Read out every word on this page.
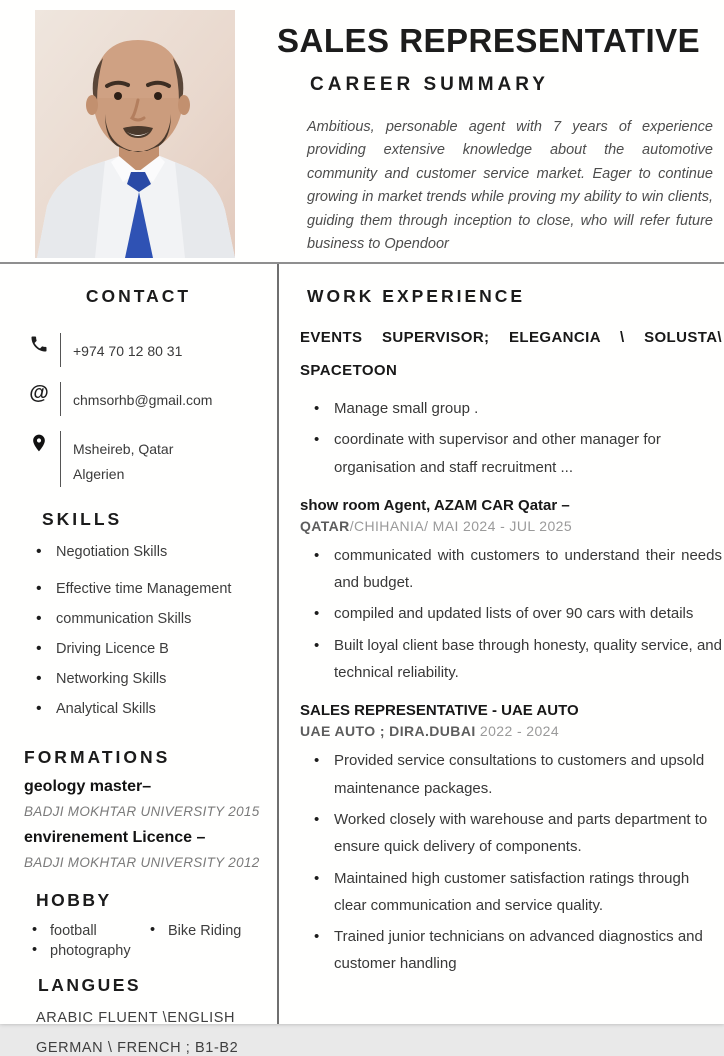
SALES REPRESENTATIVE
CAREER SUMMARY

Ambitious, personable agent with 7 years of experience providing extensive knowledge about the automotive community and customer service market. Eager to continue growing in market trends while proving my ability to win clients, guiding them through inception to close, who will refer future business to Opendoor

CONTACT
+974 70 12 80 31
@ chmsorhb@gmail.com
Msheireb, Qatar
Algerien
SKILLS
• Negotiation Skills
• Effective time Management
• communication Skills
• Driving Licence B
• Networking Skills
• Analytical Skills
FORMATIONS
geology master–
BADJI MOKHTAR UNIVERSITY 2015
envirenement Licence –
BADJI MOKHTAR UNIVERSITY 2012
HOBBY
• football	• Bike Riding
• photography
LANGUES
ARABIC FLUENT \ENGLISH
GERMAN \ FRENCH ; B1-B2
WORK EXPERIENCE
EVENTS SUPERVISOR; ELEGANCIA \ SOLUSTA\ SPACETOON
• Manage small group .
• coordinate with supervisor and other manager for organisation and staff recruitment ...
show room Agent, AZAM CAR Qatar –
QATAR/CHIHANIA/ MAI 2024 - JUL 2025
• communicated with customers to understand their needs and budget.
• compiled and updated lists of over 90 cars with details
• Built loyal client base through honesty, quality service, and technical reliability.
SALES REPRESENTATIVE - UAE AUTO
UAE AUTO ; DIRA.DUBAI 2022 - 2024
• Provided service consultations to customers and upsold maintenance packages.
• Worked closely with warehouse and parts department to ensure quick delivery of components.
• Maintained high customer satisfaction ratings through clear communication and service quality.
• Trained junior technicians on advanced diagnostics and customer handling
